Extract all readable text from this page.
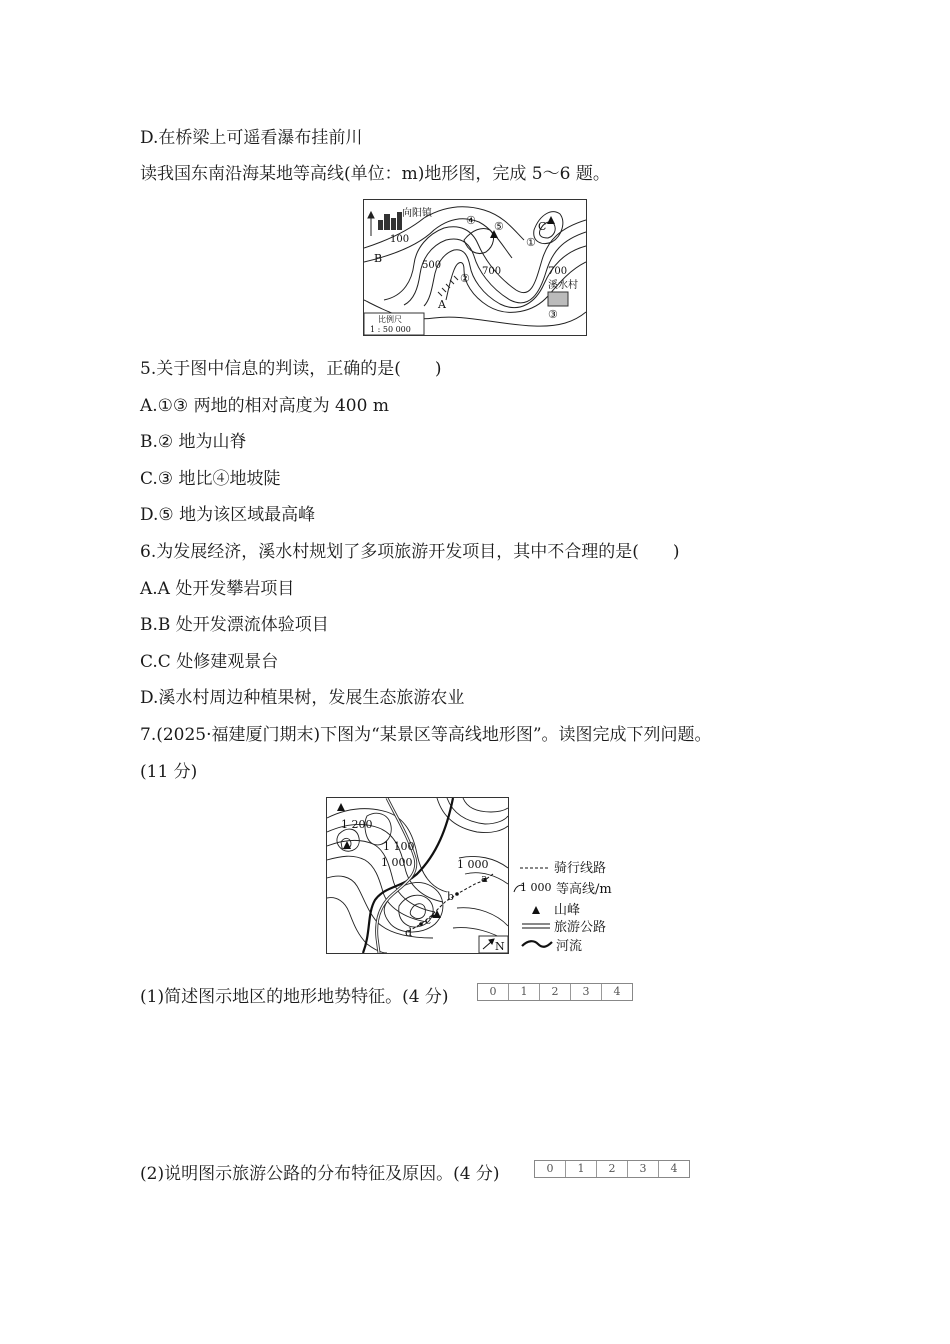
D.在桥梁上可遥看瀑布挂前川
读我国东南沿海某地等高线(单位：m)地形图，完成 5～6 题。
向阳镇
溪水村
100
500
700	700
A
B
C
①
②
③
④ ⑤
比例尺
1 : 50 000
5.关于图中信息的判读，正确的是(　　)
A.①③ 两地的相对高度为 400 m
B.② 地为山脊
C.③ 地比④地坡陡
D.⑤ 地为该区域最高峰
6.为发展经济，溪水村规划了多项旅游开发项目，其中不合理的是(　　)
A.A 处开发攀岩项目
B.B 处开发漂流体验项目
C.C 处修建观景台
D.溪水村周边种植果树，发展生态旅游农业
7.(2025·福建厦门期末)下图为“某景区等高线地形图”。读图完成下列问题。
(11 分)
1 200
1 100
1 000	1 000
a
b
c
d
N
1 000
骑行线路
等高线/m
山峰
旅游公路
河流
(1)简述图示地区的地形地势特征。(4 分)	0	1	2	3	4
(2)说明图示旅游公路的分布特征及原因。(4 分)	0	1	2	3	4
